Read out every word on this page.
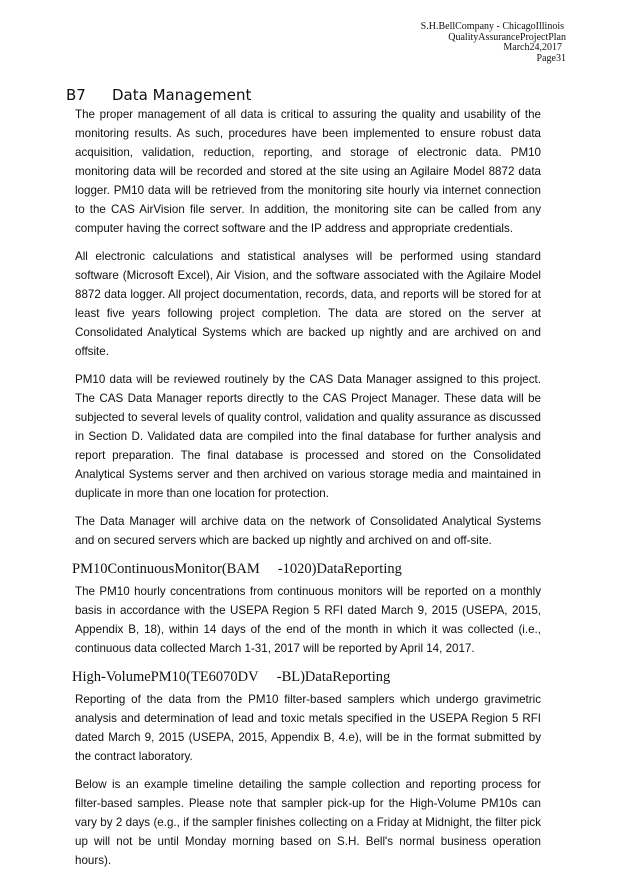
S.H.BellCompany - ChicagoIllinois
QualityAssuranceProjectPlan
March24,2017
Page31
B7 Data Management

The proper management of all data is critical to assuring the quality and usability of the monitoring results. As such, procedures have been implemented to ensure robust data acquisition, validation, reduction, reporting, and storage of electronic data. PM10 monitoring data will be recorded and stored at the site using an Agilaire Model 8872 data logger. PM10 data will be retrieved from the monitoring site hourly via internet connection to the CAS AirVision file server. In addition, the monitoring site can be called from any computer having the correct software and the IP address and appropriate credentials.

All electronic calculations and statistical analyses will be performed using standard software (Microsoft Excel), Air Vision, and the software associated with the Agilaire Model 8872 data logger. All project documentation, records, data, and reports will be stored for at least five years following project completion. The data are stored on the server at Consolidated Analytical Systems which are backed up nightly and are archived on and offsite.

PM10 data will be reviewed routinely by the CAS Data Manager assigned to this project. The CAS Data Manager reports directly to the CAS Project Manager. These data will be subjected to several levels of quality control, validation and quality assurance as discussed in Section D. Validated data are compiled into the final database for further analysis and report preparation. The final database is processed and stored on the Consolidated Analytical Systems server and then archived on various storage media and maintained in duplicate in more than one location for protection.

The Data Manager will archive data on the network of Consolidated Analytical Systems and on secured servers which are backed up nightly and archived on and off-site.

PM10ContinuousMonitor(BAM     -1020)DataReporting

The PM10 hourly concentrations from continuous monitors will be reported on a monthly basis in accordance with the USEPA Region 5 RFI dated March 9, 2015 (USEPA, 2015, Appendix B, 18), within 14 days of the end of the month in which it was collected (i.e., continuous data collected March 1-31, 2017 will be reported by April 14, 2017.

High-VolumePM10(TE6070DV     -BL)DataReporting

Reporting of the data from the PM10 filter-based samplers which undergo gravimetric analysis and determination of lead and toxic metals specified in the USEPA Region 5 RFI dated March 9, 2015 (USEPA, 2015, Appendix B, 4.e), will be in the format submitted by the contract laboratory.

Below is an example timeline detailing the sample collection and reporting process for filter-based samples. Please note that sampler pick-up for the High-Volume PM10s can vary by 2 days (e.g., if the sampler finishes collecting on a Friday at Midnight, the filter pick up will not be until Monday morning based on S.H. Bell's normal business operation hours).
